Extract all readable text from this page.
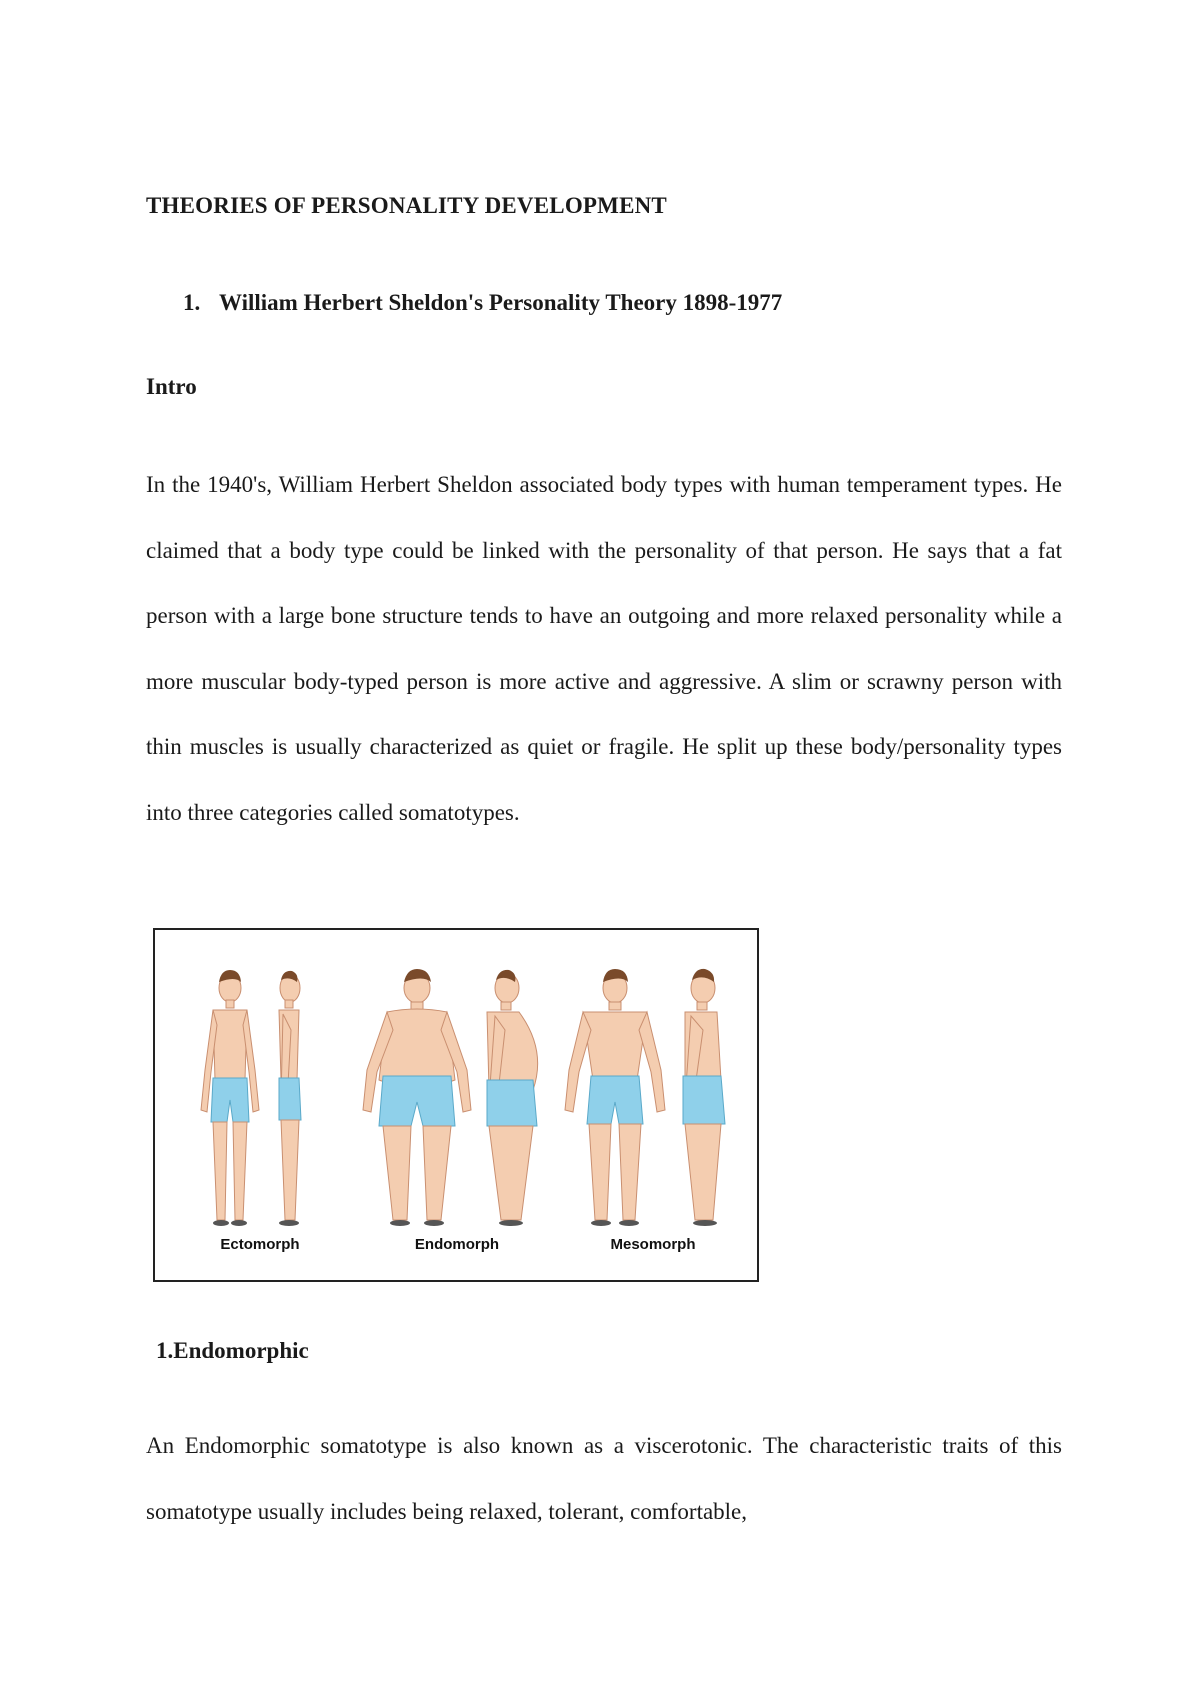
THEORIES OF PERSONALITY DEVELOPMENT
1. William Herbert Sheldon's Personality Theory 1898-1977
Intro

In the 1940's, William Herbert Sheldon associated body types with human temperament types. He claimed that a body type could be linked with the personality of that person. He says that a fat person with a large bone structure tends to have an outgoing and more relaxed personality while a more muscular body-typed person is more active and aggressive. A slim or scrawny person with thin muscles is usually characterized as quiet or fragile. He split up these body/personality types into three categories called somatotypes.

Ectomorph	Endomorph	Mesomorph
1.Endomorphic

An Endomorphic somatotype is also known as a viscerotonic. The characteristic traits of this somatotype usually includes being relaxed, tolerant, comfortable,
